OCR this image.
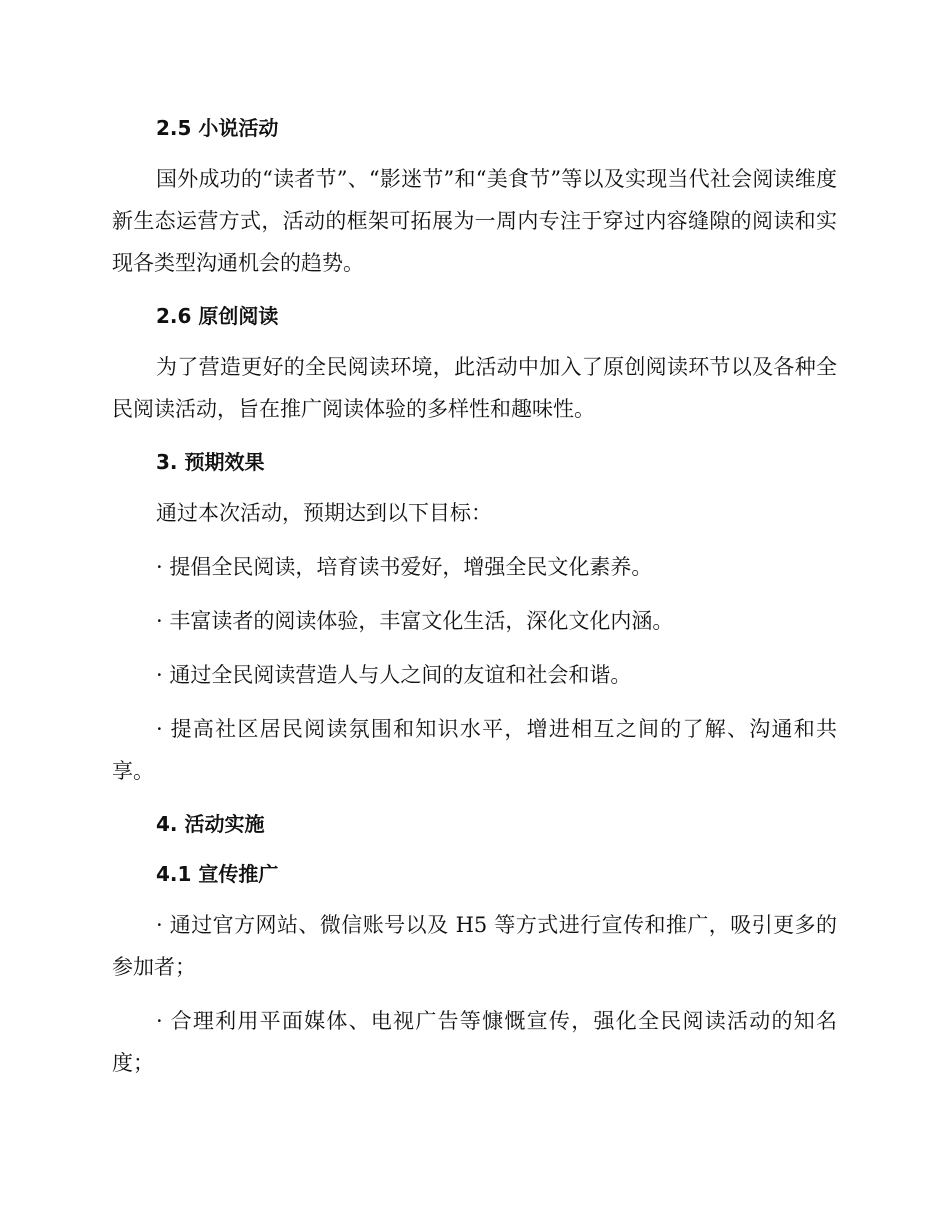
2.5 小说活动

国外成功的“读者节”、“影迷节”和“美食节”等以及实现当代社会阅读维度新生态运营方式，活动的框架可拓展为一周内专注于穿过内容缝隙的阅读和实现各类型沟通机会的趋势。

2.6 原创阅读

为了营造更好的全民阅读环境，此活动中加入了原创阅读环节以及各种全民阅读活动，旨在推广阅读体验的多样性和趣味性。

3. 预期效果

通过本次活动，预期达到以下目标：

· 提倡全民阅读，培育读书爱好，增强全民文化素养。

· 丰富读者的阅读体验，丰富文化生活，深化文化内涵。

· 通过全民阅读营造人与人之间的友谊和社会和谐。

· 提高社区居民阅读氛围和知识水平，增进相互之间的了解、沟通和共享。

4. 活动实施
4.1 宣传推广

· 通过官方网站、微信账号以及 H5 等方式进行宣传和推广，吸引更多的参加者；

· 合理利用平面媒体、电视广告等慷慨宣传，强化全民阅读活动的知名度；
